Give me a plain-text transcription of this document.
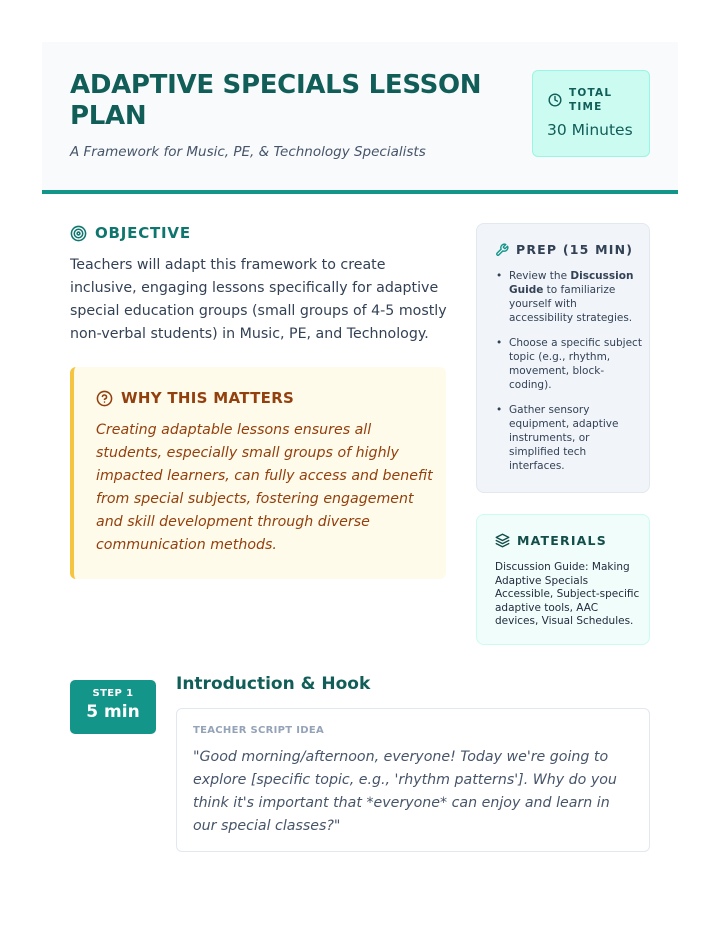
ADAPTIVE SPECIALS LESSON PLAN

A Framework for Music, PE, & Technology Specialists

TOTAL TIME
30 Minutes
OBJECTIVE

Teachers will adapt this framework to create inclusive, engaging lessons specifically for adaptive special education groups (small groups of 4-5 mostly non-verbal students) in Music, PE, and Technology.

WHY THIS MATTERS

Creating adaptable lessons ensures all students, especially small groups of highly impacted learners, can fully access and benefit from special subjects, fostering engagement and skill development through diverse communication methods.

PREP (15 MIN)
• Review the Discussion Guide to familiarize yourself with accessibility strategies.
• Choose a specific subject topic (e.g., rhythm, movement, block-coding).
• Gather sensory equipment, adaptive instruments, or simplified tech interfaces.
MATERIALS

Discussion Guide: Making Adaptive Specials Accessible, Subject-specific adaptive tools, AAC devices, Visual Schedules.

STEP 1
5 min
Introduction & Hook
TEACHER SCRIPT IDEA

"Good morning/afternoon, everyone! Today we're going to explore [specific topic, e.g., 'rhythm patterns']. Why do you think it's important that *everyone* can enjoy and learn in our special classes?"
